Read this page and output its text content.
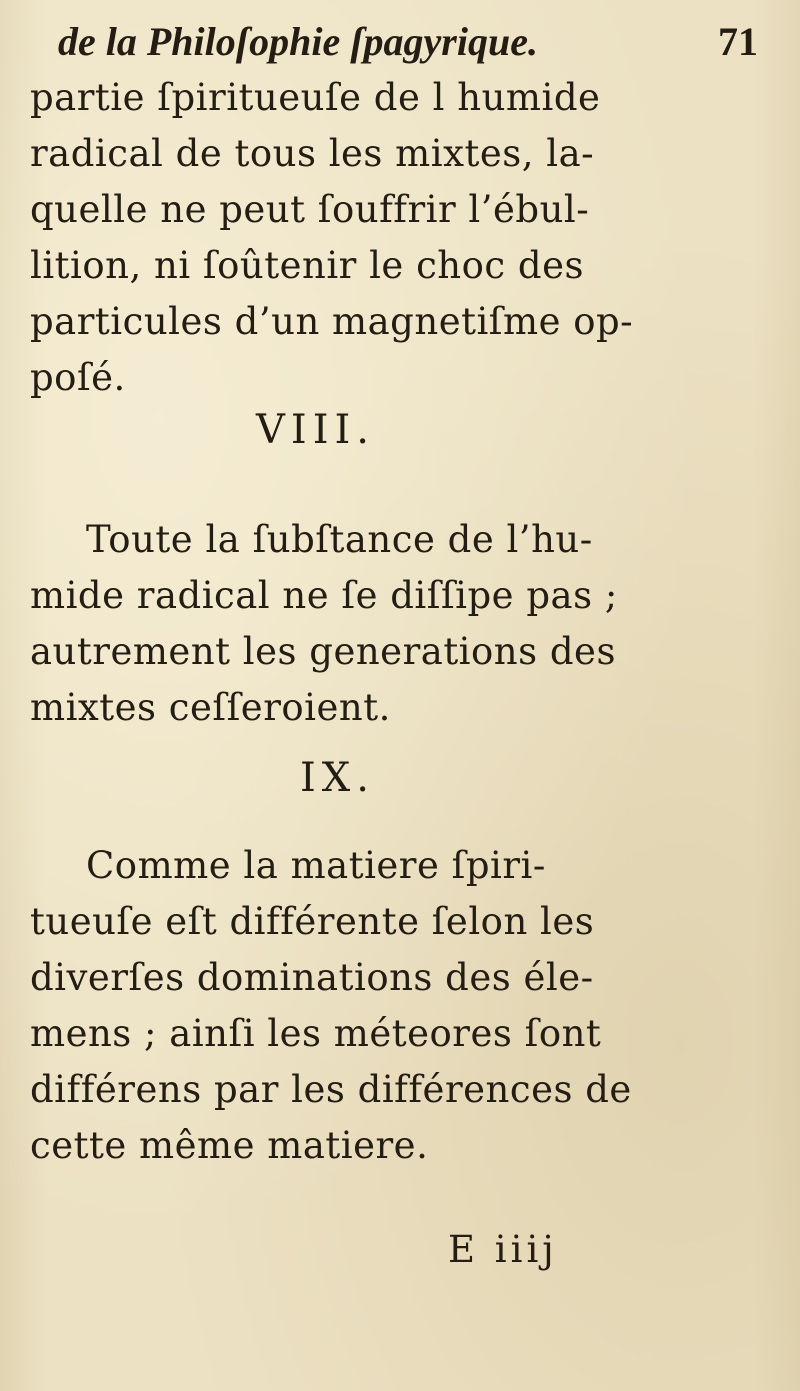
de la Philoſophie ſpagyrique.	71
partie ſpiritueuſe de l humide
radical de tous les mixtes, la-
quelle ne peut ſouffrir l’ébul-
lition, ni ſoûtenir le choc des
particules d’un magnetiſme op-
poſé.
VIII.
Toute la ſubſtance de l’hu-
mide radical ne ſe diſſipe pas ;
autrement les generations des
mixtes ceſſeroient.
IX.
Comme la matiere ſpiri-
tueuſe eſt différente ſelon les
diverſes dominations des éle-
mens ; ainſi les méteores ſont
différens par les différences de
cette même matiere.
E iiij
